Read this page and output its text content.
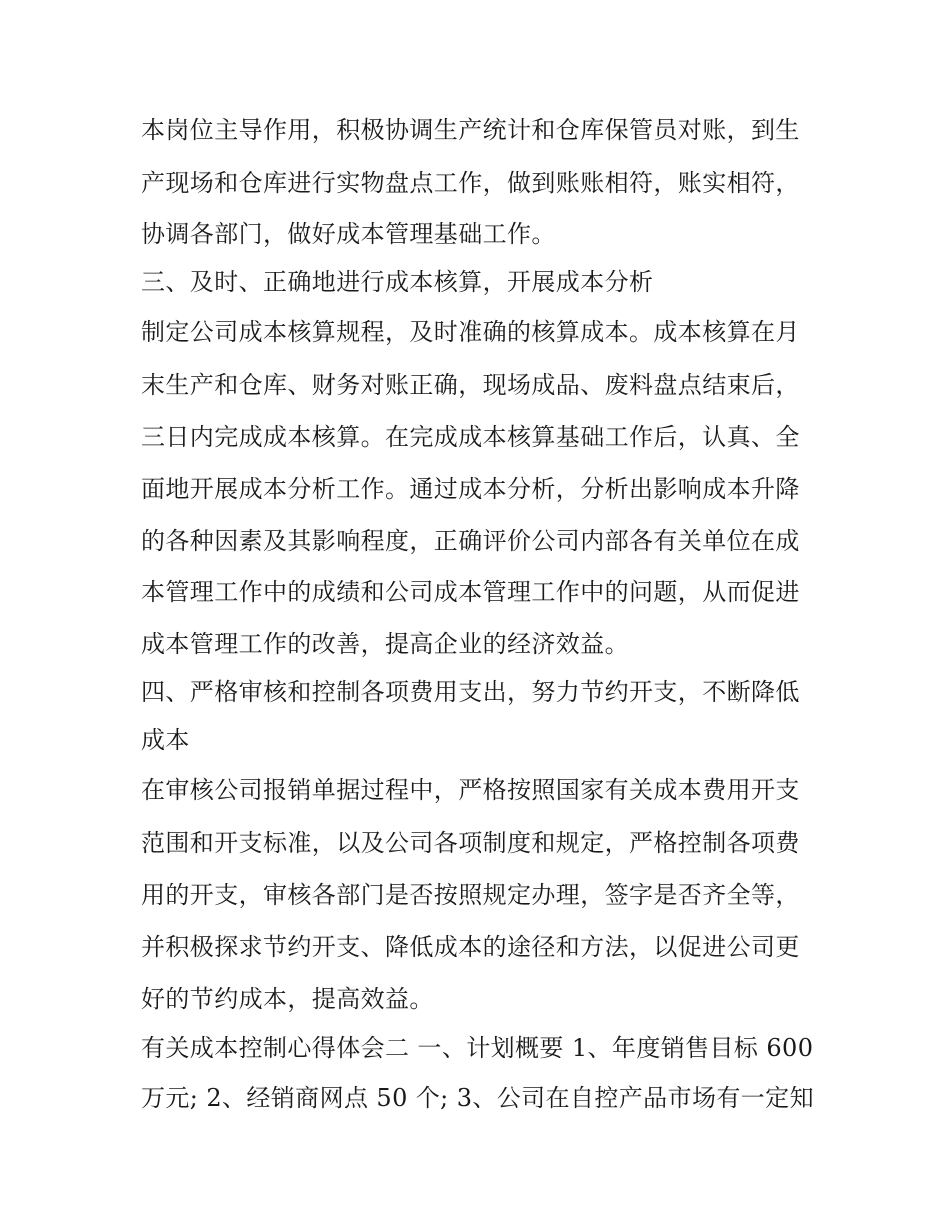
本岗位主导作用，积极协调生产统计和仓库保管员对账，到生
产现场和仓库进行实物盘点工作，做到账账相符，账实相符，
协调各部门，做好成本管理基础工作。
三、及时、正确地进行成本核算，开展成本分析
制定公司成本核算规程，及时准确的核算成本。成本核算在月
末生产和仓库、财务对账正确，现场成品、废料盘点结束后，
三日内完成成本核算。在完成成本核算基础工作后，认真、全
面地开展成本分析工作。通过成本分析，分析出影响成本升降
的各种因素及其影响程度，正确评价公司内部各有关单位在成
本管理工作中的成绩和公司成本管理工作中的问题，从而促进
成本管理工作的改善，提高企业的经济效益。
四、严格审核和控制各项费用支出，努力节约开支，不断降低
成本
在审核公司报销单据过程中，严格按照国家有关成本费用开支
范围和开支标准，以及公司各项制度和规定，严格控制各项费
用的开支，审核各部门是否按照规定办理，签字是否齐全等，
并积极探求节约开支、降低成本的途径和方法，以促进公司更
好的节约成本，提高效益。
有关成本控制心得体会二 一、计划概要 1、年度销售目标 600
万元; 2、经销商网点 50 个; 3、公司在自控产品市场有一定知
